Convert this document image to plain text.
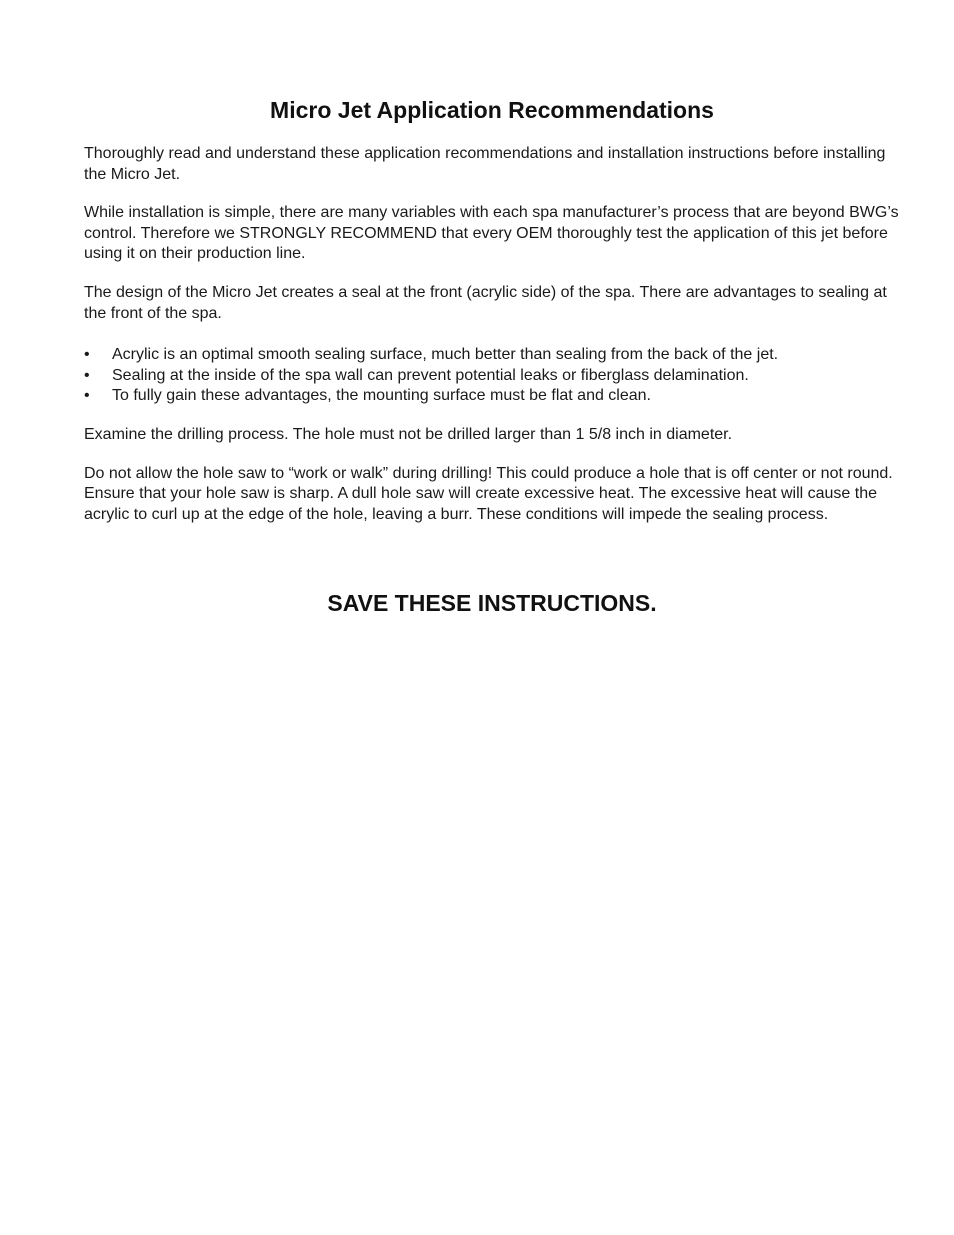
Micro Jet Application Recommendations

Thoroughly read and understand these application recommendations and installation instructions before installing the Micro Jet.

While installation is simple, there are many variables with each spa manufacturer’s process that are beyond BWG’s control. Therefore we STRONGLY RECOMMEND that every OEM thoroughly test the application of this jet before using it on their production line.

The design of the Micro Jet creates a seal at the front (acrylic side) of the spa. There are advantages to sealing at the front of the spa.

• Acrylic is an optimal smooth sealing surface, much better than sealing from the back of the jet.
• Sealing at the inside of the spa wall can prevent potential leaks or fiberglass delamination.
• To fully gain these advantages, the mounting surface must be flat and clean.

Examine the drilling process. The hole must not be drilled larger than 1 5/8 inch in diameter.

Do not allow the hole saw to “work or walk” during drilling! This could produce a hole that is off center or not round. Ensure that your hole saw is sharp. A dull hole saw will create excessive heat. The excessive heat will cause the acrylic to curl up at the edge of the hole, leaving a burr. These conditions will impede the sealing process.

SAVE THESE INSTRUCTIONS.
